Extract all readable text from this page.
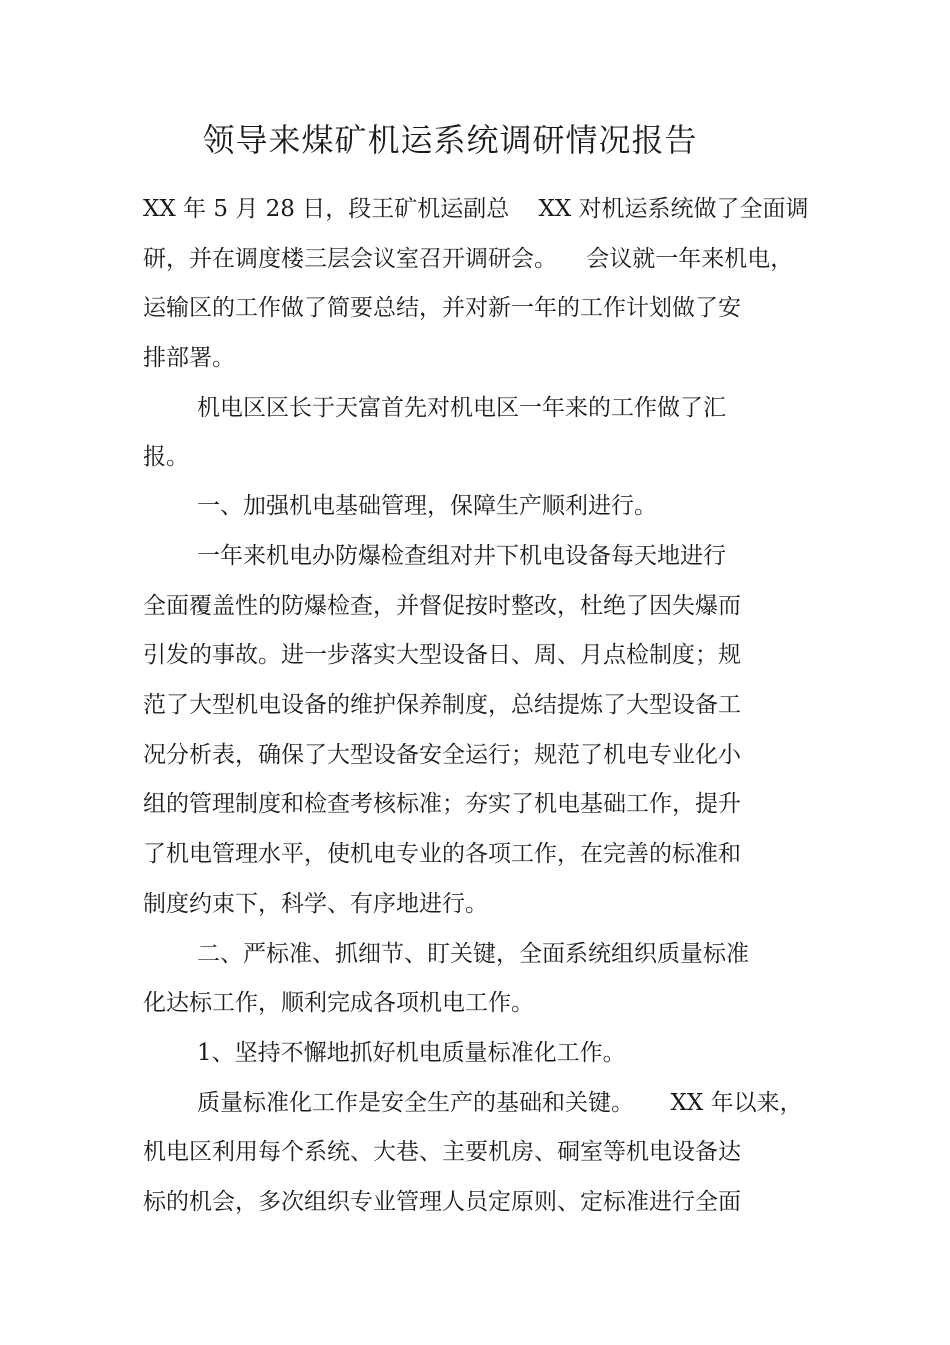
领导来煤矿机运系统调研情况报告
XX 年 5 月 28 日，段王矿机运副总    XX 对机运系统做了全面调
研，并在调度楼三层会议室召开调研会。    会议就一年来机电，
运输区的工作做了简要总结，并对新一年的工作计划做了安
排部署。
机电区区长于天富首先对机电区一年来的工作做了汇
报。
一、加强机电基础管理，保障生产顺利进行。
一年来机电办防爆检查组对井下机电设备每天地进行
全面覆盖性的防爆检查，并督促按时整改，杜绝了因失爆而
引发的事故。进一步落实大型设备日、周、月点检制度；规
范了大型机电设备的维护保养制度，总结提炼了大型设备工
况分析表，确保了大型设备安全运行；规范了机电专业化小
组的管理制度和检查考核标准；夯实了机电基础工作，提升
了机电管理水平，使机电专业的各项工作，在完善的标准和
制度约束下，科学、有序地进行。
二、严标准、抓细节、盯关键，全面系统组织质量标准
化达标工作，顺利完成各项机电工作。
1、坚持不懈地抓好机电质量标准化工作。
质量标准化工作是安全生产的基础和关键。     XX 年以来，
机电区利用每个系统、大巷、主要机房、硐室等机电设备达
标的机会，多次组织专业管理人员定原则、定标准进行全面
